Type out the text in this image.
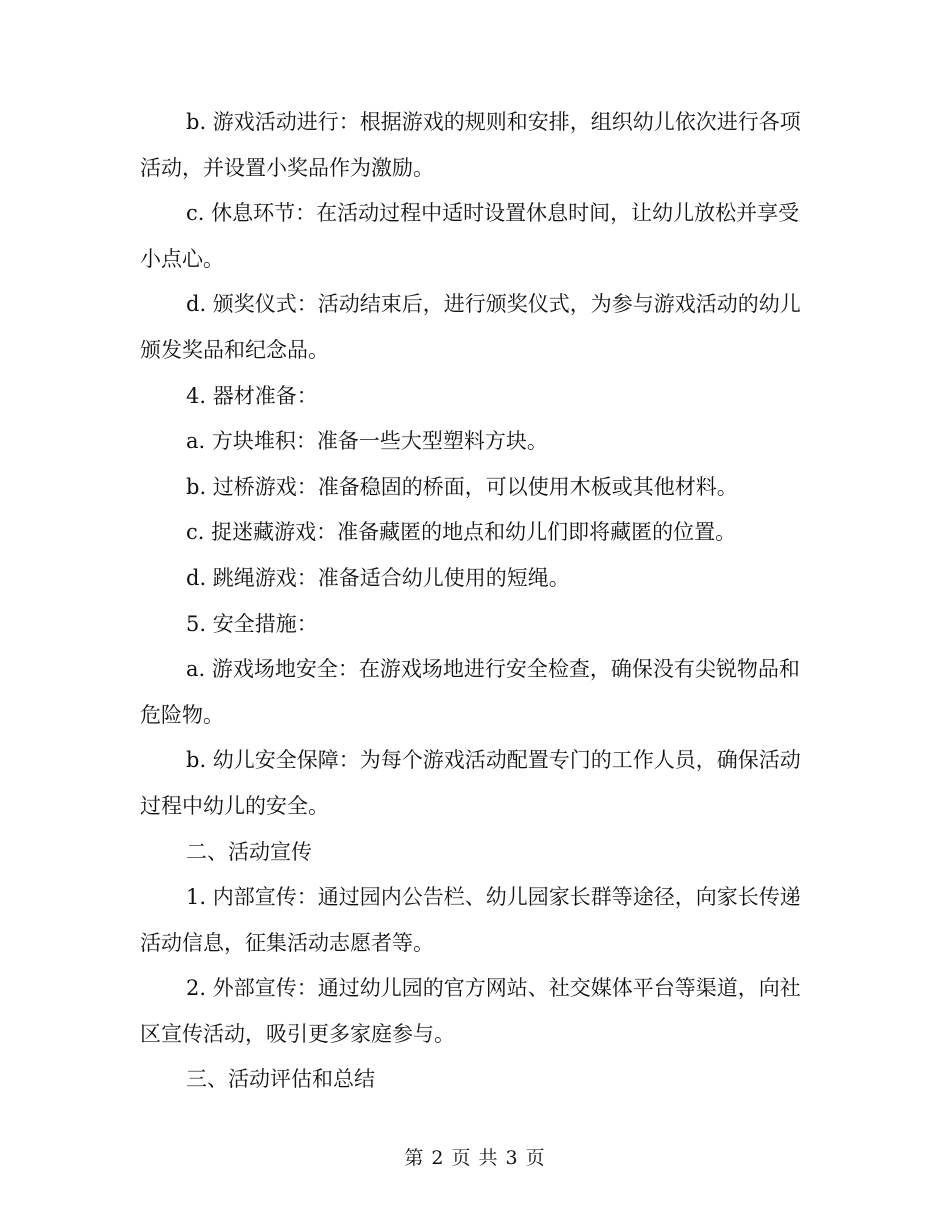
b. 游戏活动进行：根据游戏的规则和安排，组织幼儿依次进行各项活动，并设置小奖品作为激励。

c. 休息环节：在活动过程中适时设置休息时间，让幼儿放松并享受小点心。

d. 颁奖仪式：活动结束后，进行颁奖仪式，为参与游戏活动的幼儿颁发奖品和纪念品。

4. 器材准备：

a. 方块堆积：准备一些大型塑料方块。

b. 过桥游戏：准备稳固的桥面，可以使用木板或其他材料。

c. 捉迷藏游戏：准备藏匿的地点和幼儿们即将藏匿的位置。

d. 跳绳游戏：准备适合幼儿使用的短绳。

5. 安全措施：

a. 游戏场地安全：在游戏场地进行安全检查，确保没有尖锐物品和危险物。

b. 幼儿安全保障：为每个游戏活动配置专门的工作人员，确保活动过程中幼儿的安全。

二、活动宣传

1. 内部宣传：通过园内公告栏、幼儿园家长群等途径，向家长传递活动信息，征集活动志愿者等。

2. 外部宣传：通过幼儿园的官方网站、社交媒体平台等渠道，向社区宣传活动，吸引更多家庭参与。

三、活动评估和总结

第 2 页 共 3 页
